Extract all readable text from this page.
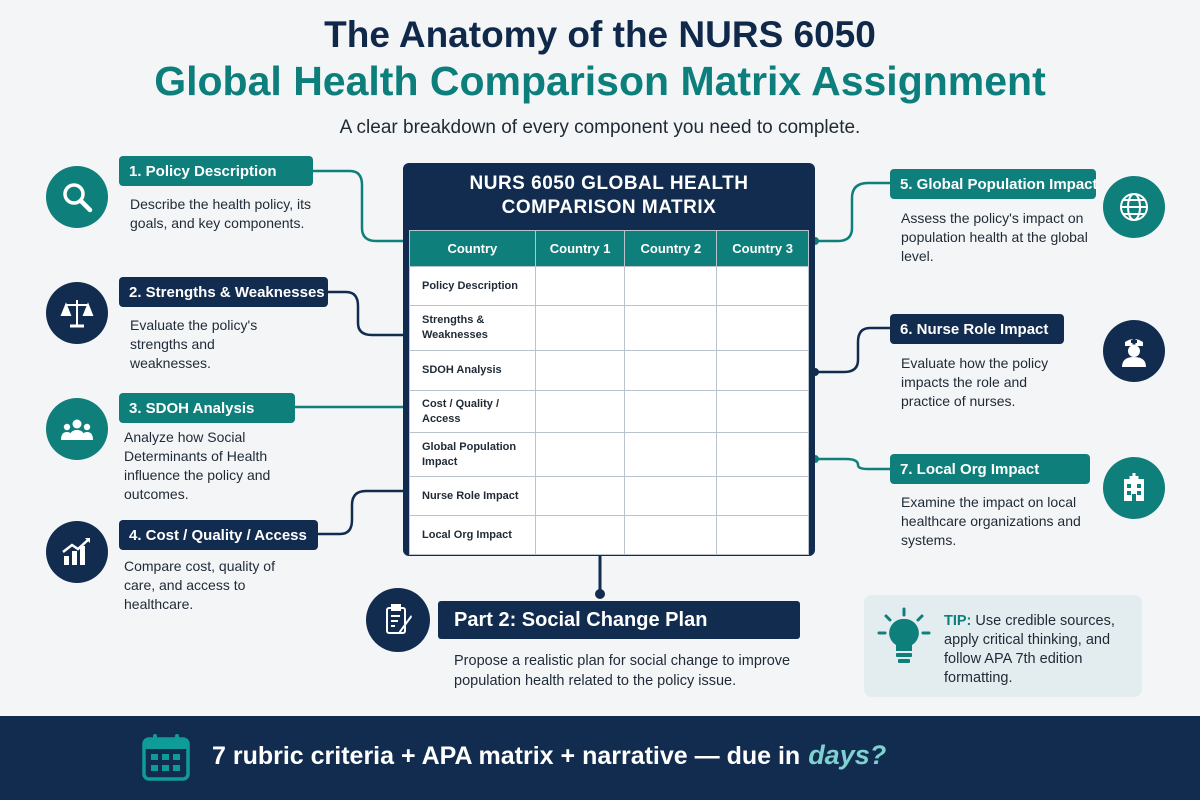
The Anatomy of the NURS 6050
Global Health Comparison Matrix Assignment
A clear breakdown of every component you need to complete.
1. Policy Description
Describe the health policy, its goals, and key components.
2. Strengths & Weaknesses
Evaluate the policy's strengths and weaknesses.
3. SDOH Analysis
Analyze how Social Determinants of Health influence the policy and outcomes.
4. Cost / Quality / Access
Compare cost, quality of care, and access to healthcare.
5. Global Population Impact
Assess the policy's impact on population health at the global level.
6. Nurse Role Impact
Evaluate how the policy impacts the role and practice of nurses.
7. Local Org Impact
Examine the impact on local healthcare organizations and systems.
NURS 6050 GLOBAL HEALTH COMPARISON MATRIX
Country	Country 1	Country 2	Country 3
Policy Description			
Strengths & Weaknesses			
SDOH Analysis			
Cost / Quality / Access			
Global Population Impact			
Nurse Role Impact			
Local Org Impact			
Part 2: Social Change Plan
Propose a realistic plan for social change to improve population health related to the policy issue.
TIP: Use credible sources, apply critical thinking, and follow APA 7th edition formatting.
7 rubric criteria + APA matrix + narrative — due in days?
